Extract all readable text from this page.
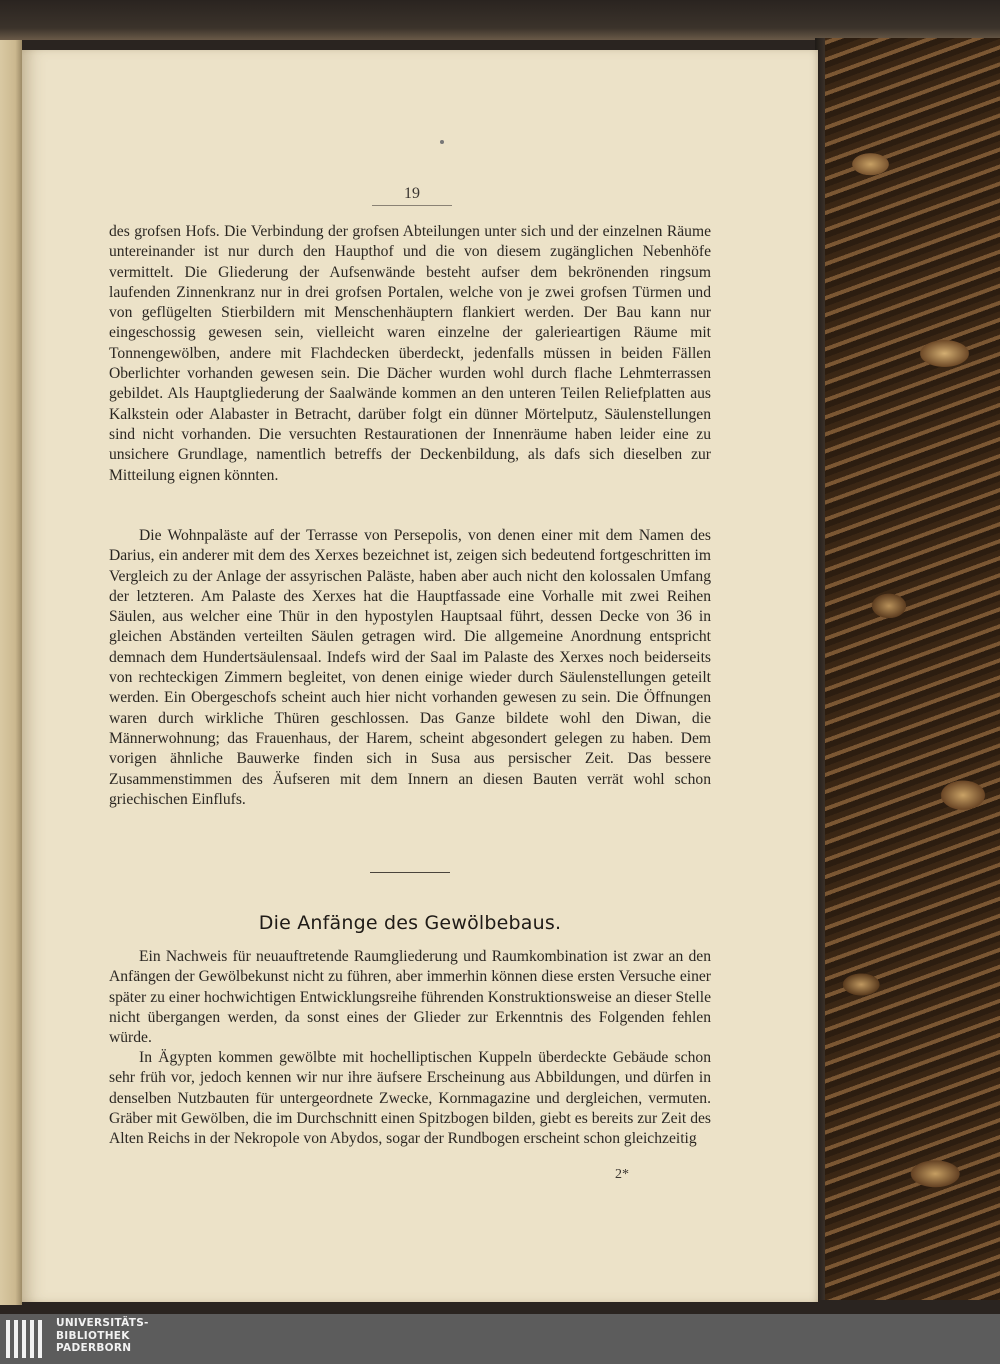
19

des grofsen Hofs. Die Verbindung der grofsen Abteilungen unter sich und der einzelnen Räume untereinander ist nur durch den Haupthof und die von diesem zugänglichen Nebenhöfe vermittelt. Die Gliederung der Aufsenwände besteht aufser dem bekrönenden ringsum laufenden Zinnenkranz nur in drei grofsen Portalen, welche von je zwei grofsen Türmen und von geflügelten Stierbildern mit Menschenhäuptern flankiert werden. Der Bau kann nur eingeschossig gewesen sein, vielleicht waren einzelne der galerieartigen Räume mit Tonnengewölben, andere mit Flachdecken überdeckt, jedenfalls müssen in beiden Fällen Oberlichter vorhanden gewesen sein. Die Dächer wurden wohl durch flache Lehmterrassen gebildet. Als Hauptgliederung der Saalwände kommen an den unteren Teilen Reliefplatten aus Kalkstein oder Alabaster in Betracht, darüber folgt ein dünner Mörtelputz, Säulenstellungen sind nicht vorhanden. Die versuchten Restaurationen der Innenräume haben leider eine zu unsichere Grundlage, namentlich betreffs der Deckenbildung, als dafs sich dieselben zur Mitteilung eignen könnten.

Die Wohnpaläste auf der Terrasse von Persepolis, von denen einer mit dem Namen des Darius, ein anderer mit dem des Xerxes bezeichnet ist, zeigen sich bedeutend fortgeschritten im Vergleich zu der Anlage der assyrischen Paläste, haben aber auch nicht den kolossalen Umfang der letzteren. Am Palaste des Xerxes hat die Hauptfassade eine Vorhalle mit zwei Reihen Säulen, aus welcher eine Thür in den hypostylen Hauptsaal führt, dessen Decke von 36 in gleichen Abständen verteilten Säulen getragen wird. Die allgemeine Anordnung entspricht demnach dem Hundertsäulensaal. Indefs wird der Saal im Palaste des Xerxes noch beiderseits von rechteckigen Zimmern begleitet, von denen einige wieder durch Säulenstellungen geteilt werden. Ein Obergeschofs scheint auch hier nicht vorhanden gewesen zu sein. Die Öffnungen waren durch wirkliche Thüren geschlossen. Das Ganze bildete wohl den Diwan, die Männerwohnung; das Frauenhaus, der Harem, scheint abgesondert gelegen zu haben. Dem vorigen ähnliche Bauwerke finden sich in Susa aus persischer Zeit. Das bessere Zusammenstimmen des Äufseren mit dem Innern an diesen Bauten verrät wohl schon griechischen Einflufs.

Die Anfänge des Gewölbebaus.

Ein Nachweis für neuauftretende Raumgliederung und Raumkombination ist zwar an den Anfängen der Gewölbekunst nicht zu führen, aber immerhin können diese ersten Versuche einer später zu einer hochwichtigen Entwicklungsreihe führenden Konstruktionsweise an dieser Stelle nicht übergangen werden, da sonst eines der Glieder zur Erkenntnis des Folgenden fehlen würde.

In Ägypten kommen gewölbte mit hochelliptischen Kuppeln überdeckte Gebäude schon sehr früh vor, jedoch kennen wir nur ihre äufsere Erscheinung aus Abbildungen, und dürfen in denselben Nutzbauten für untergeordnete Zwecke, Kornmagazine und dergleichen, vermuten. Gräber mit Gewölben, die im Durchschnitt einen Spitzbogen bilden, giebt es bereits zur Zeit des Alten Reichs in der Nekropole von Abydos, sogar der Rundbogen erscheint schon gleichzeitig

2*
UNIVERSITÄTS-
BIBLIOTHEK
PADERBORN
